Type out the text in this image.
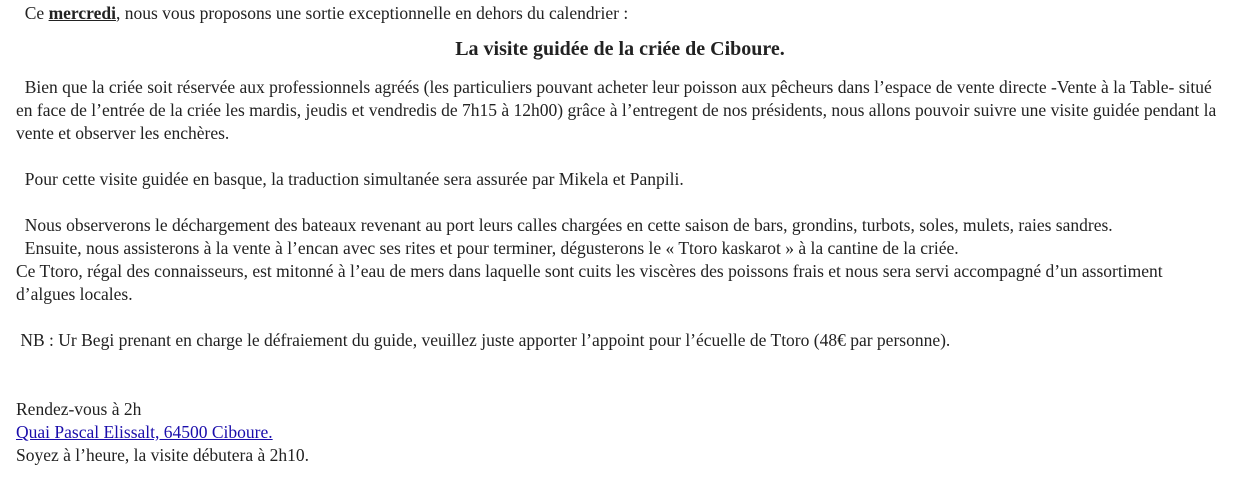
Ce mercredi, nous vous proposons une sortie exceptionnelle en dehors du calendrier :

La visite guidée de la criée de Ciboure.

Bien que la criée soit réservée aux professionnels agréés (les particuliers pouvant acheter leur poisson aux pêcheurs dans l’espace de vente directe -Vente à la Table- situé en face de l’entrée de la criée les mardis, jeudis et vendredis de 7h15 à 12h00) grâce à l’entregent de nos présidents, nous allons pouvoir suivre une visite guidée pendant la vente et observer les enchères.

Pour cette visite guidée en basque, la traduction simultanée sera assurée par Mikela et Panpili.

Nous observerons le déchargement des bateaux revenant au port leurs calles chargées en cette saison de bars, grondins, turbots, soles, mulets, raies sandres.

Ensuite, nous assisterons à la vente à l’encan avec ses rites et pour terminer, dégusterons le « Ttoro kaskarot » à la cantine de la criée.

Ce Ttoro, régal des connaisseurs, est mitonné à l’eau de mers dans laquelle sont cuits les viscères des poissons frais et nous sera servi accompagné d’un assortiment d’algues locales.

NB : Ur Begi prenant en charge le défraiement du guide, veuillez juste apporter l’appoint pour l’écuelle de Ttoro (48€ par personne).

Rendez-vous à 2h

Quai Pascal Elissalt, 64500 Ciboure.

Soyez à l’heure, la visite débutera à 2h10.
